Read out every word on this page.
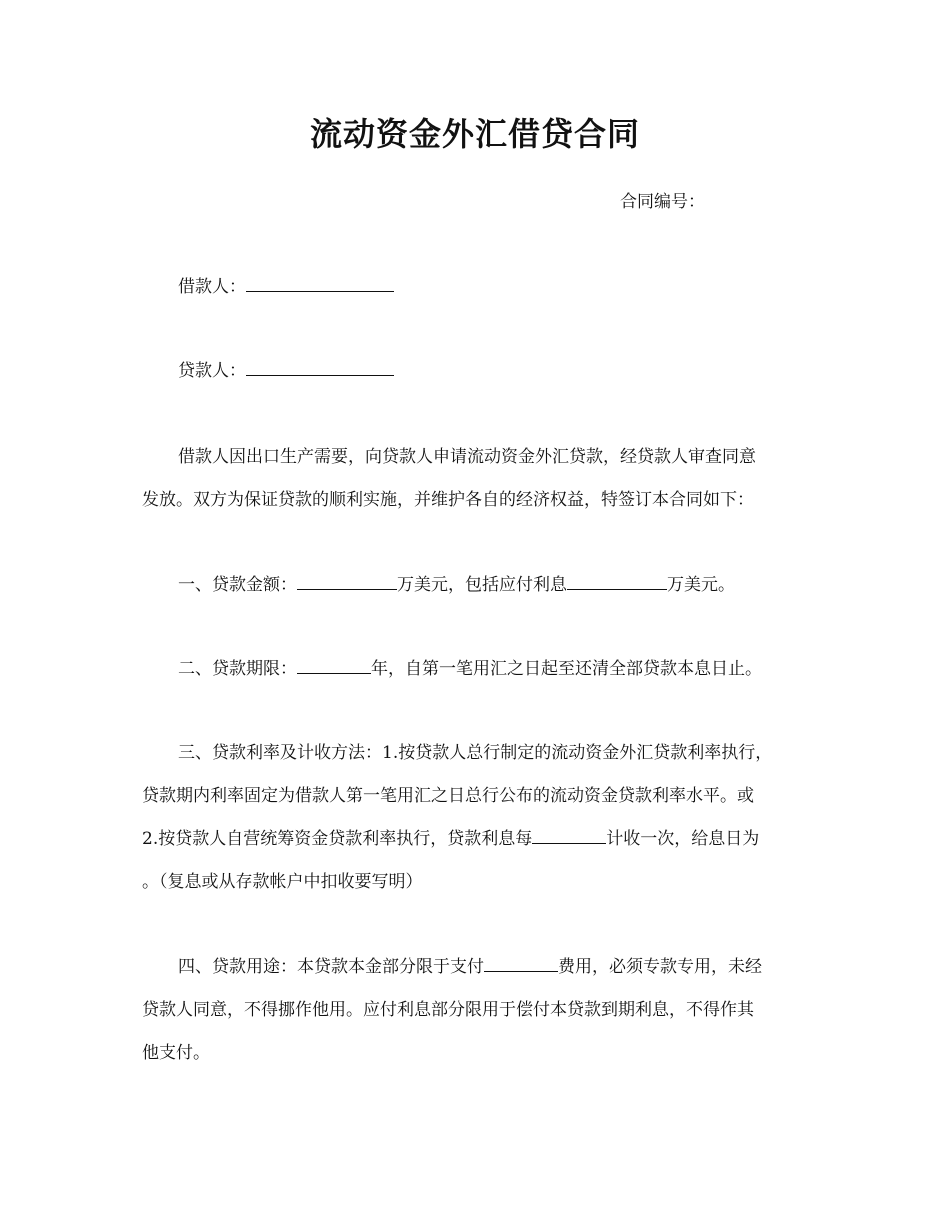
流动资金外汇借贷合同
合同编号：

借款人：

贷款人：

借款人因出口生产需要，向贷款人申请流动资金外汇贷款，经贷款人审查同意

发放。双方为保证贷款的顺利实施，并维护各自的经济权益，特签订本合同如下：

一、贷款金额：	万美元，包括应付利息	万美元。

二、贷款期限：	年，自第一笔用汇之日起至还清全部贷款本息日止。

三、贷款利率及计收方法：1.按贷款人总行制定的流动资金外汇贷款利率执行，

贷款期内利率固定为借款人第一笔用汇之日总行公布的流动资金贷款利率水平。或

2.按贷款人自营统筹资金贷款利率执行，贷款利息每	计收一次，给息日为

。（复息或从存款帐户中扣收要写明）

四、贷款用途：本贷款本金部分限于支付	费用，必须专款专用，未经

贷款人同意，不得挪作他用。应付利息部分限用于偿付本贷款到期利息，不得作其

他支付。
